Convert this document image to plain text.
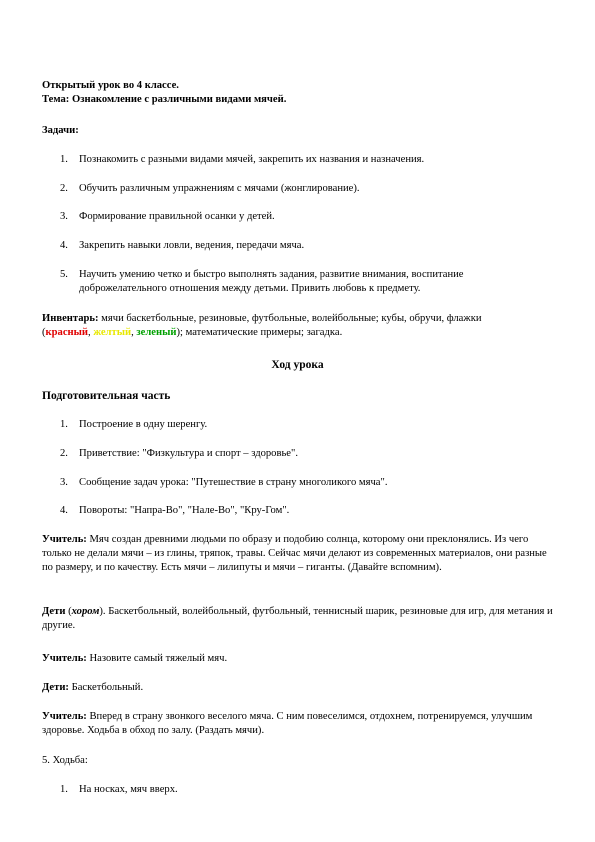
Открытый урок во 4 классе.
Тема: Ознакомление с различными видами мячей.
Задачи:
1. Познакомить с разными видами мячей, закрепить их названия и назначения.
2. Обучить различным упражнениям с мячами (жонглирование).
3. Формирование правильной осанки у детей.
4. Закрепить навыки ловли, ведения, передачи мяча.
5. Научить умению четко и быстро выполнять задания, развитие внимания, воспитание доброжелательного отношения между детьми. Привить любовь к предмету.
Инвентарь: мячи баскетбольные, резиновые, футбольные, волейбольные; кубы, обручи, флажки
(красный, желтый, зеленый); математические примеры; загадка.
Ход урока
Подготовительная часть
1. Построение в одну шеренгу.
2. Приветствие: "Физкультура и спорт – здоровье".
3. Сообщение задач урока: "Путешествие в страну многоликого мяча".
4. Повороты: "Напра-Во", "Нале-Во", "Кру-Гом".
Учитель: Мяч создан древними людьми по образу и подобию солнца, которому они преклонялись. Из чего только не делали мячи – из глины, тряпок, травы. Сейчас мячи делают из современных материалов, они разные по размеру, и по качеству. Есть мячи – лилипуты и мячи – гиганты. (Давайте вспомним).
Дети (хором). Баскетбольный, волейбольный, футбольный, теннисный шарик, резиновые для игр, для метания и другие.
Учитель: Назовите самый тяжелый мяч.
Дети: Баскетбольный.
Учитель: Вперед в страну звонкого веселого мяча. С ним повеселимся, отдохнем, потренируемся, улучшим здоровье. Ходьба в обход по залу. (Раздать мячи).
5. Ходьба:
1. На носках, мяч вверх.
